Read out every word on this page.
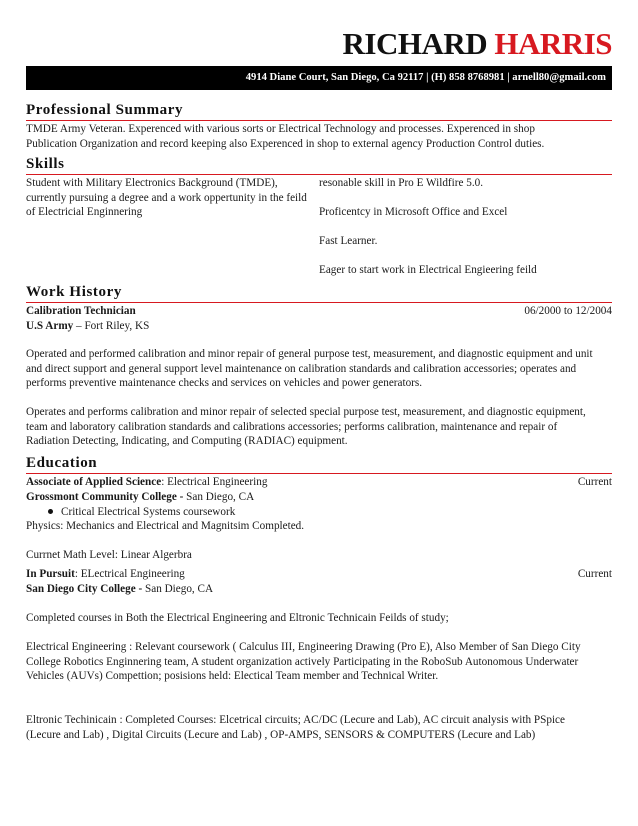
RICHARD HARRIS
4914 Diane Court, San Diego, Ca 92117 | (H) 858 8768981 | arnell80@gmail.com
Professional Summary
TMDE Army Veteran. Experenced with various sorts or Electrical Technology and processes. Experenced in shop
Publication Organization and record keeping also Experenced in shop to external agency Production Control duties.
Skills
Student with Military Electronics Background (TMDE),
currently pursuing a degree and a work oppertunity in the feild
of Electricial Enginnering
resonable skill in Pro E Wildfire 5.0.
Proficentcy in Microsoft Office and Excel
Fast Learner.
Eager to start work in Electrical Engieering feild
Work History
Calibration Technician	06/2000 to 12/2004
U.S Army – Fort Riley, KS
Operated and performed calibration and minor repair of general purpose test, measurement, and diagnostic equipment and unit
and direct support and general support level maintenance on calibration standards and calibration accessories; operates and
performs preventive maintenance checks and services on vehicles and power generators.
Operates and performs calibration and minor repair of selected special purpose test, measurement, and diagnostic equipment,
team and laboratory calibration standards and calibrations accessories; performs calibration, maintenance and repair of
Radiation Detecting, Indicating, and Computing (RADIAC) equipment.
Education
Associate of Applied Science: Electrical Engineering	Current
Grossmont Community College - San Diego, CA
Critical Electrical Systems coursework
Physics: Mechanics and Electrical and Magnitsim Completed.
Currnet Math Level: Linear Algerbra
In Pursuit: ELectrical Engineering	Current
San Diego City College - San Diego, CA
Completed courses in Both the Electrical Engineering and Eltronic Technicain Feilds of study;
Electrical Engineering : Relevant coursework ( Calculus III, Engineering Drawing (Pro E), Also Member of San Diego City
College Robotics Enginnering team, A student organization actively Participating in the RoboSub Autonomous Underwater
Vehicles (AUVs) Compettion; posisions held: Electical Team member and Technical Writer.
Eltronic Techinicain : Completed Courses: Elcetrical circuits; AC/DC (Lecure and Lab), AC circuit analysis with PSpice
(Lecure and Lab) , Digital Circuits (Lecure and Lab) , OP-AMPS, SENSORS & COMPUTERS (Lecure and Lab)
